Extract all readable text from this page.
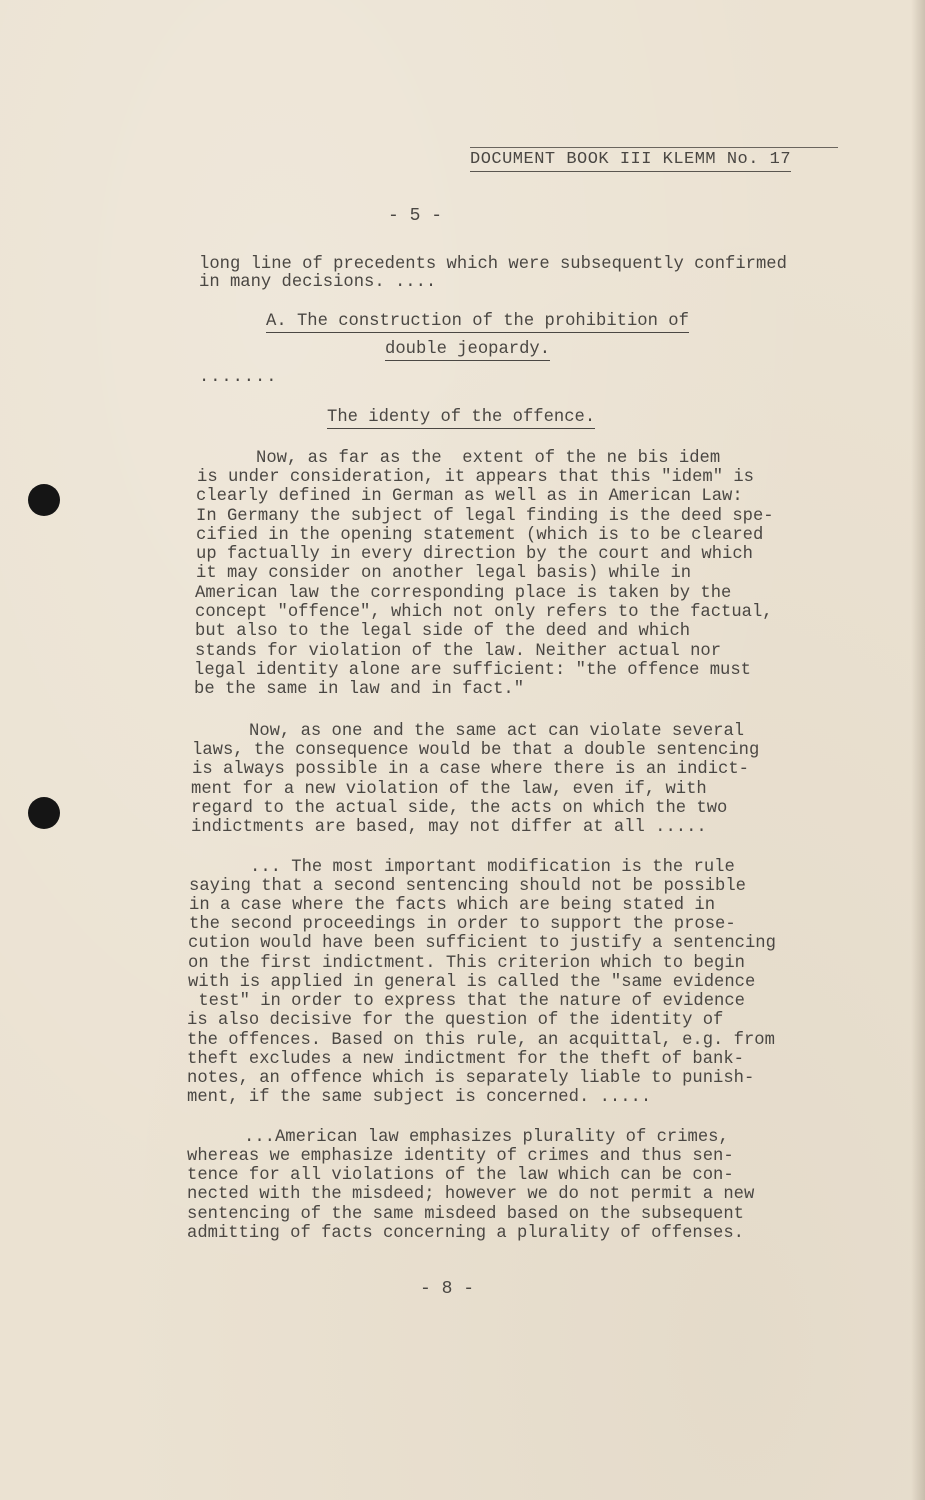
DOCUMENT BOOK III KLEMM No. 17
- 5 -
long line of precedents which were subsequently confirmed
in many decisions. ....
A. The construction of the prohibition of
double jeopardy.
.......
The identy of the offence.
Now, as far as the  extent of the ne bis idem
is under consideration, it appears that this "idem" is
clearly defined in German as well as in American Law:
In Germany the subject of legal finding is the deed spe-
cified in the opening statement (which is to be cleared
up factually in every direction by the court and which
it may consider on another legal basis) while in
American law the corresponding place is taken by the
concept "offence", which not only refers to the factual,
but also to the legal side of the deed and which
stands for violation of the law. Neither actual nor
legal identity alone are sufficient: "the offence must
be the same in law and in fact."
Now, as one and the same act can violate several
laws, the consequence would be that a double sentencing
is always possible in a case where there is an indict-
ment for a new violation of the law, even if, with
regard to the actual side, the acts on which the two
indictments are based, may not differ at all .....
... The most important modification is the rule
saying that a second sentencing should not be possible
in a case where the facts which are being stated in
the second proceedings in order to support the prose-
cution would have been sufficient to justify a sentencing
on the first indictment. This criterion which to begin
with is applied in general is called the "same evidence
test" in order to express that the nature of evidence
is also decisive for the question of the identity of
the offences. Based on this rule, an acquittal, e.g. from
theft excludes a new indictment for the theft of bank-
notes, an offence which is separately liable to punish-
ment, if the same subject is concerned. .....
...American law emphasizes plurality of crimes,
whereas we emphasize identity of crimes and thus sen-
tence for all violations of the law which can be con-
nected with the misdeed; however we do not permit a new
sentencing of the same misdeed based on the subsequent
admitting of facts concerning a plurality of offenses.
- 8 -
